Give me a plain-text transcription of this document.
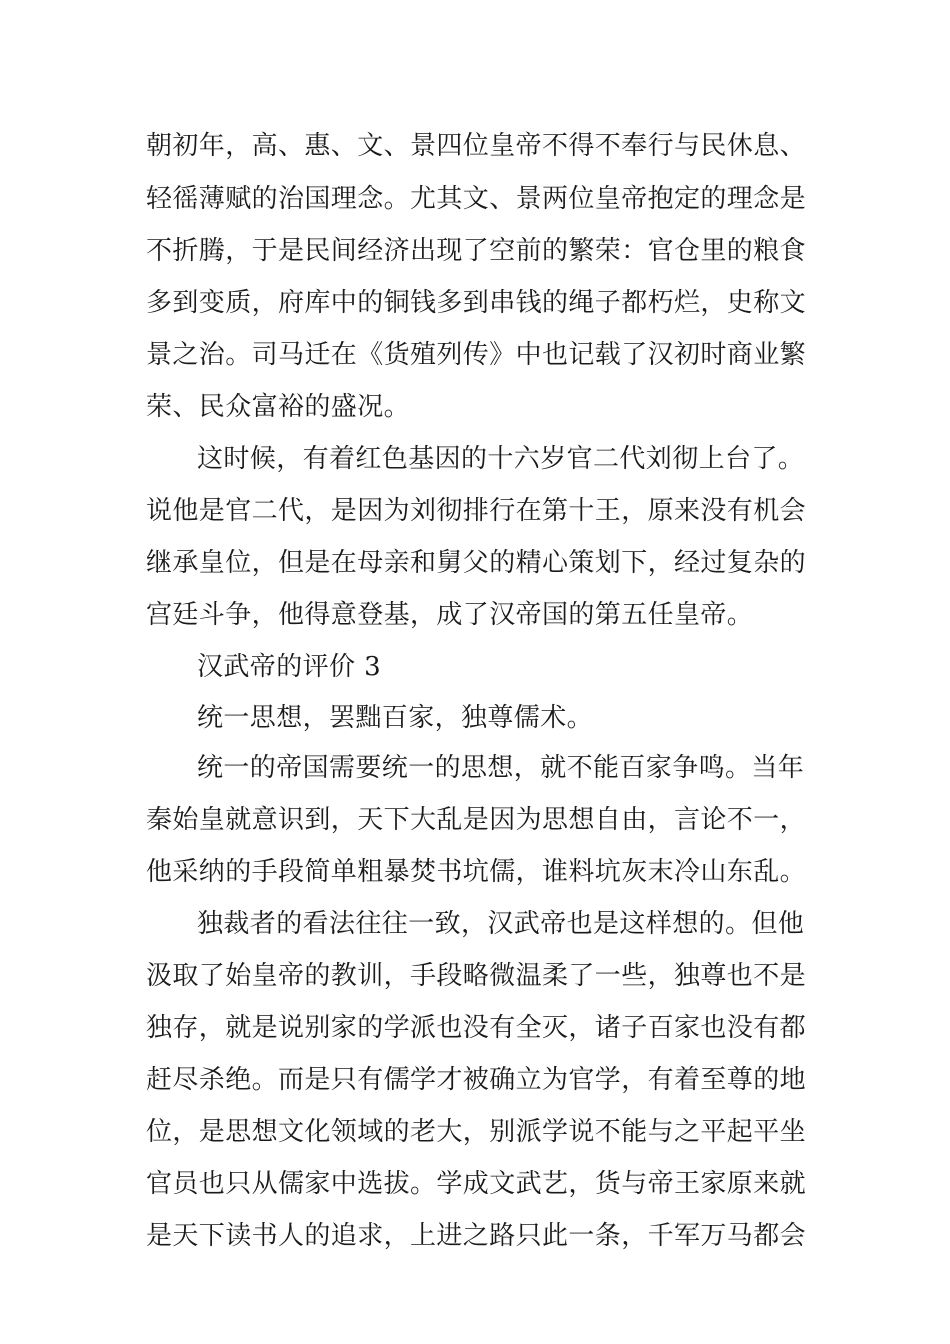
朝初年，高、惠、文、景四位皇帝不得不奉行与民休息、
轻徭薄赋的治国理念。尤其文、景两位皇帝抱定的理念是
不折腾，于是民间经济出现了空前的繁荣：官仓里的粮食
多到变质，府库中的铜钱多到串钱的绳子都朽烂，史称文
景之治。司马迁在《货殖列传》中也记载了汉初时商业繁
荣、民众富裕的盛况。
这时候，有着红色基因的十六岁官二代刘彻上台了。
说他是官二代，是因为刘彻排行在第十王，原来没有机会
继承皇位，但是在母亲和舅父的精心策划下，经过复杂的
宫廷斗争，他得意登基，成了汉帝国的第五任皇帝。
汉武帝的评价 3
统一思想，罢黜百家，独尊儒术。
统一的帝国需要统一的思想，就不能百家争鸣。当年
秦始皇就意识到，天下大乱是因为思想自由，言论不一，
他采纳的手段简单粗暴焚书坑儒，谁料坑灰末冷山东乱。
独裁者的看法往往一致，汉武帝也是这样想的。但他
汲取了始皇帝的教训，手段略微温柔了一些，独尊也不是
独存，就是说别家的学派也没有全灭，诸子百家也没有都
赶尽杀绝。而是只有儒学才被确立为官学，有着至尊的地
位，是思想文化领域的老大，别派学说不能与之平起平坐
官员也只从儒家中选拔。学成文武艺，货与帝王家原来就
是天下读书人的追求，上进之路只此一条，千军万马都会
